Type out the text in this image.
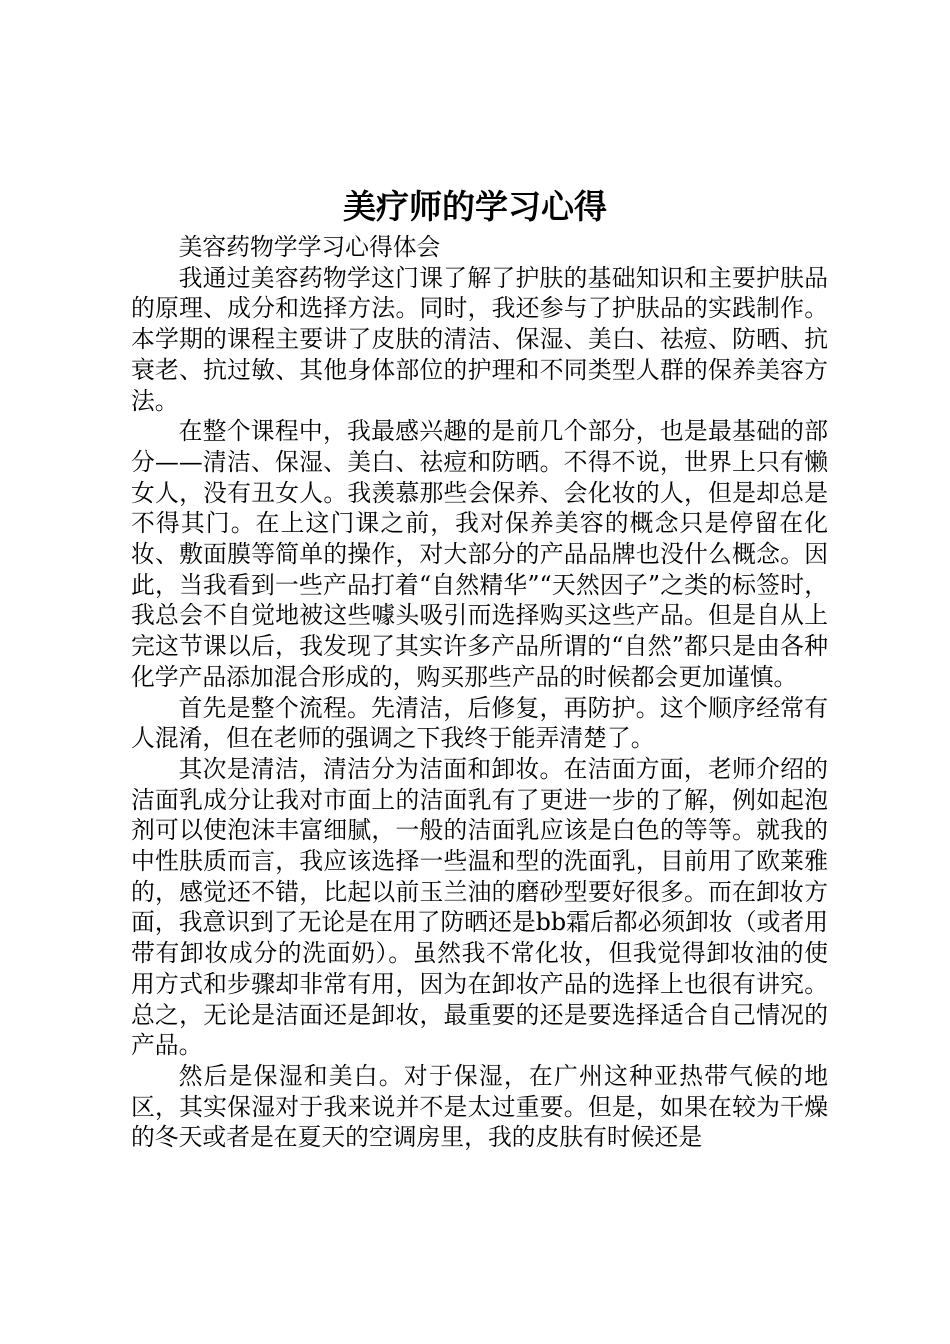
美疗师的学习心得

美容药物学学习心得体会

我通过美容药物学这门课了解了护肤的基础知识和主要护肤品的原理、成分和选择方法。同时，我还参与了护肤品的实践制作。本学期的课程主要讲了皮肤的清洁、保湿、美白、祛痘、防晒、抗衰老、抗过敏、其他身体部位的护理和不同类型人群的保养美容方法。

在整个课程中，我最感兴趣的是前几个部分，也是最基础的部分——清洁、保湿、美白、祛痘和防晒。不得不说，世界上只有懒女人，没有丑女人。我羡慕那些会保养、会化妆的人，但是却总是不得其门。在上这门课之前，我对保养美容的概念只是停留在化妆、敷面膜等简单的操作，对大部分的产品品牌也没什么概念。因此，当我看到一些产品打着“自然精华”“天然因子”之类的标签时，我总会不自觉地被这些噱头吸引而选择购买这些产品。但是自从上完这节课以后，我发现了其实许多产品所谓的“自然”都只是由各种化学产品添加混合形成的，购买那些产品的时候都会更加谨慎。

首先是整个流程。先清洁，后修复，再防护。这个顺序经常有人混淆，但在老师的强调之下我终于能弄清楚了。

其次是清洁，清洁分为洁面和卸妆。在洁面方面，老师介绍的洁面乳成分让我对市面上的洁面乳有了更进一步的了解，例如起泡剂可以使泡沫丰富细腻，一般的洁面乳应该是白色的等等。就我的中性肤质而言，我应该选择一些温和型的洗面乳，目前用了欧莱雅的，感觉还不错，比起以前玉兰油的磨砂型要好很多。而在卸妆方面，我意识到了无论是在用了防晒还是bb霜后都必须卸妆（或者用带有卸妆成分的洗面奶）。虽然我不常化妆，但我觉得卸妆油的使用方式和步骤却非常有用，因为在卸妆产品的选择上也很有讲究。总之，无论是洁面还是卸妆，最重要的还是要选择适合自己情况的产品。

然后是保湿和美白。对于保湿，在广州这种亚热带气候的地区，其实保湿对于我来说并不是太过重要。但是，如果在较为干燥的冬天或者是在夏天的空调房里，我的皮肤有时候还是
